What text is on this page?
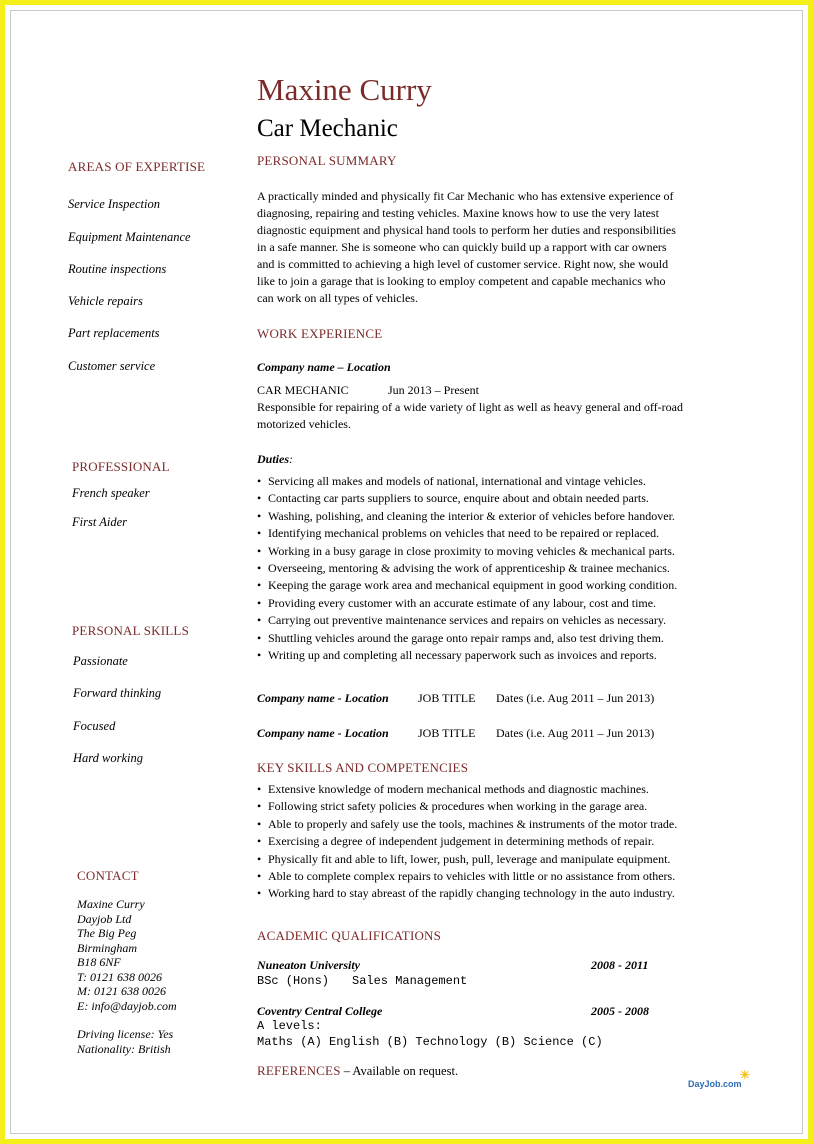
Maxine Curry
Car Mechanic
AREAS OF EXPERTISE
Service Inspection
Equipment Maintenance
Routine inspections
Vehicle repairs
Part replacements
Customer service
PROFESSIONAL
French speaker
First Aider
PERSONAL SKILLS
Passionate
Forward thinking
Focused
Hard working
CONTACT
Maxine Curry
Dayjob Ltd
The Big Peg
Birmingham
B18 6NF
T: 0121 638 0026
M: 0121 638 0026
E: info@dayjob.com
Driving license: Yes
Nationality: British
PERSONAL SUMMARY
A practically minded and physically fit Car Mechanic who has extensive experience of
diagnosing, repairing and testing vehicles. Maxine knows how to use the very latest
diagnostic equipment and physical hand tools to perform her duties and responsibilities
in a safe manner. She is someone who can quickly build up a rapport with car owners
and is committed to achieving a high level of customer service. Right now, she would
like to join a garage that is looking to employ competent and capable mechanics who
can work on all types of vehicles.
WORK EXPERIENCE
Company name – Location
CAR MECHANIC	Jun 2013 – Present
Responsible for repairing of a wide variety of light as well as heavy general and off-road
motorized vehicles.
Duties:
• Servicing all makes and models of national, international and vintage vehicles.
• Contacting car parts suppliers to source, enquire about and obtain needed parts.
• Washing, polishing, and cleaning the interior & exterior of vehicles before handover.
• Identifying mechanical problems on vehicles that need to be repaired or replaced.
• Working in a busy garage in close proximity to moving vehicles & mechanical parts.
• Overseeing, mentoring & advising the work of apprenticeship & trainee mechanics.
• Keeping the garage work area and mechanical equipment in good working condition.
• Providing every customer with an accurate estimate of any labour, cost and time.
• Carrying out preventive maintenance services and repairs on vehicles as necessary.
• Shuttling vehicles around the garage onto repair ramps and, also test driving them.
• Writing up and completing all necessary paperwork such as invoices and reports.
Company name - Location JOB TITLE Dates (i.e. Aug 2011 – Jun 2013)
Company name - Location JOB TITLE Dates (i.e. Aug 2011 – Jun 2013)
KEY SKILLS AND COMPETENCIES
• Extensive knowledge of modern mechanical methods and diagnostic machines.
• Following strict safety policies & procedures when working in the garage area.
• Able to properly and safely use the tools, machines & instruments of the motor trade.
• Exercising a degree of independent judgement in determining methods of repair.
• Physically fit and able to lift, lower, push, pull, leverage and manipulate equipment.
• Able to complete complex repairs to vehicles with little or no assistance from others.
• Working hard to stay abreast of the rapidly changing technology in the auto industry.
ACADEMIC QUALIFICATIONS
Nuneaton University	2008 - 2011
BSc (Hons) Sales Management
Coventry Central College	2005 - 2008
A levels:
Maths (A) English (B) Technology (B) Science (C)
REFERENCES – Available on request.
DayJob.com☀
